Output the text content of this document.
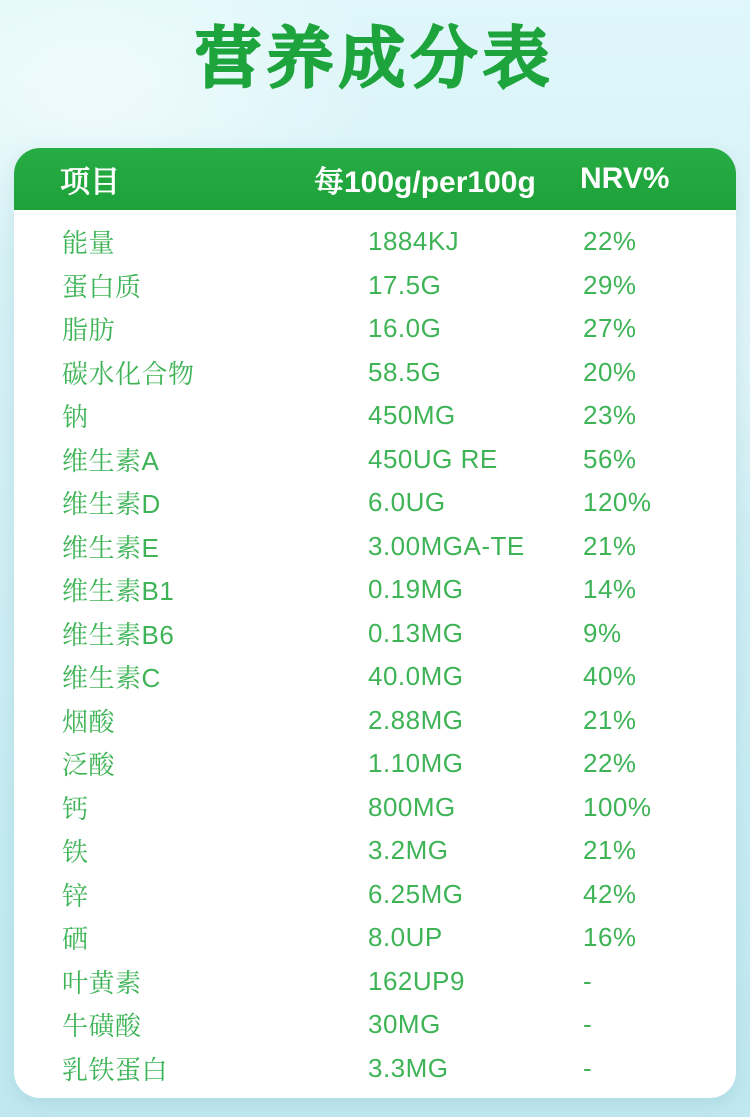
营养成分表
项目	每100g/per100g	NRV%
能量	1884KJ	22%
蛋白质	17.5G	29%
脂肪	16.0G	27%
碳水化合物	58.5G	20%
钠	450MG	23%
维生素A	450UG RE	56%
维生素D	6.0UG	120%
维生素E	3.00MGA-TE	21%
维生素B1	0.19MG	14%
维生素B6	0.13MG	9%
维生素C	40.0MG	40%
烟酸	2.88MG	21%
泛酸	1.10MG	22%
钙	800MG	100%
铁	3.2MG	21%
锌	6.25MG	42%
硒	8.0UP	16%
叶黄素	162UP9	-
牛磺酸	30MG	-
乳铁蛋白	3.3MG	-
